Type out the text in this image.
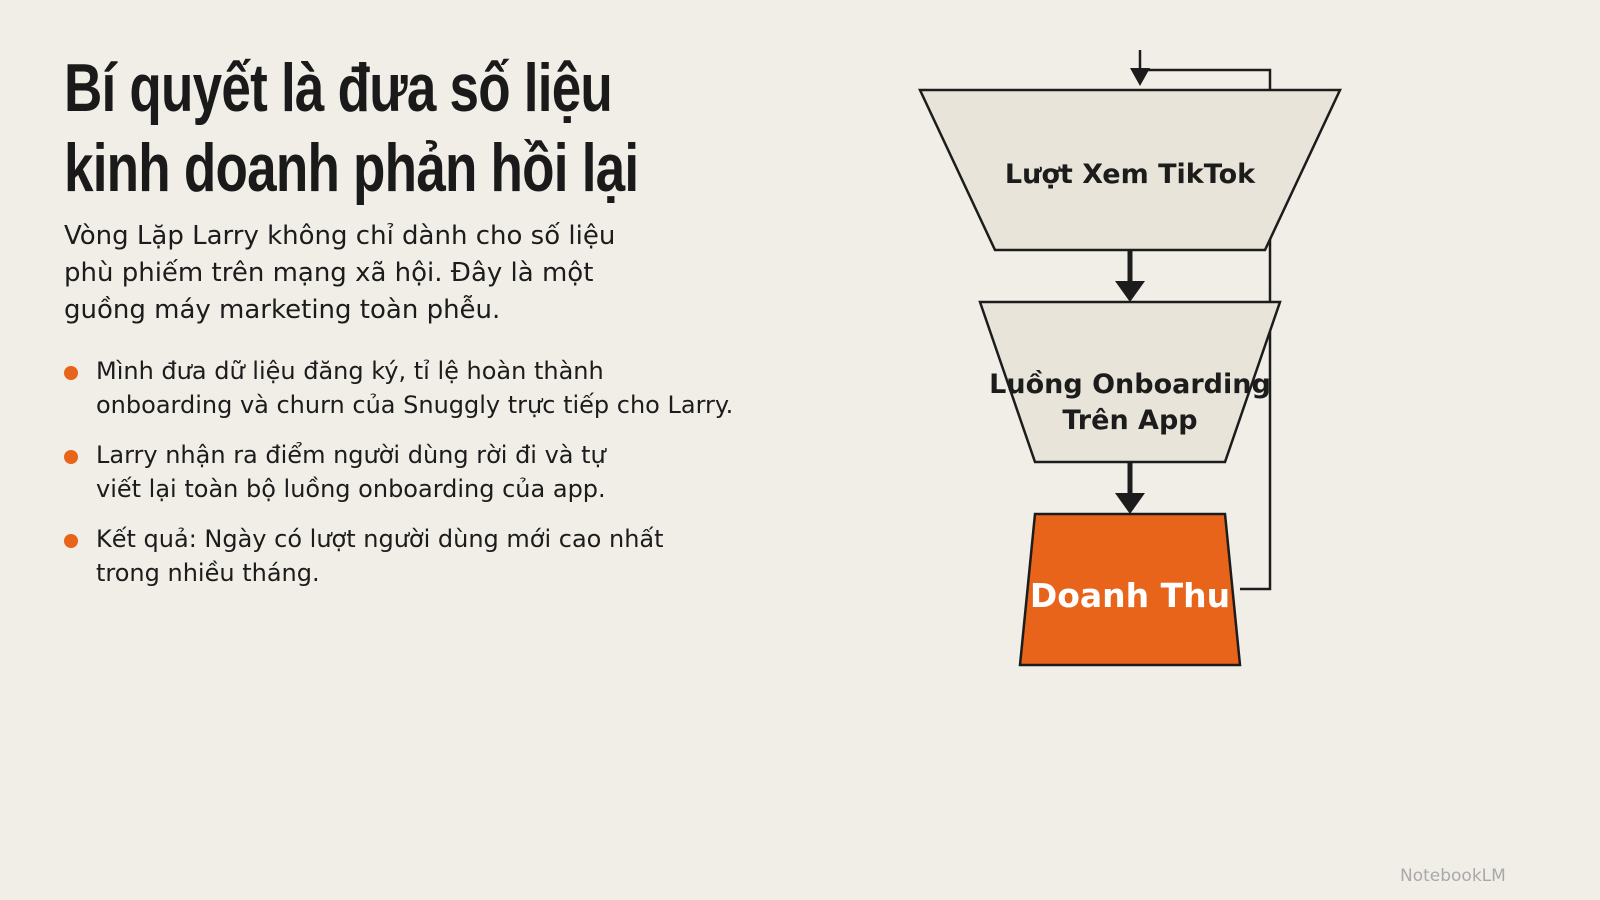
Bí quyết là đưa số liệu
kinh doanh phản hồi lại

Vòng Lặp Larry không chỉ dành cho số liệu
phù phiếm trên mạng xã hội. Đây là một
guồng máy marketing toàn phễu.

Mình đưa dữ liệu đăng ký, tỉ lệ hoàn thành
onboarding và churn của Snuggly trực tiếp cho Larry.
Larry nhận ra điểm người dùng rời đi và tự
viết lại toàn bộ luồng onboarding của app.
Kết quả: Ngày có lượt người dùng mới cao nhất
trong nhiều tháng.
Lượt Xem TikTok
Luồng Onboarding
Trên App
Doanh Thu
NotebookLM
